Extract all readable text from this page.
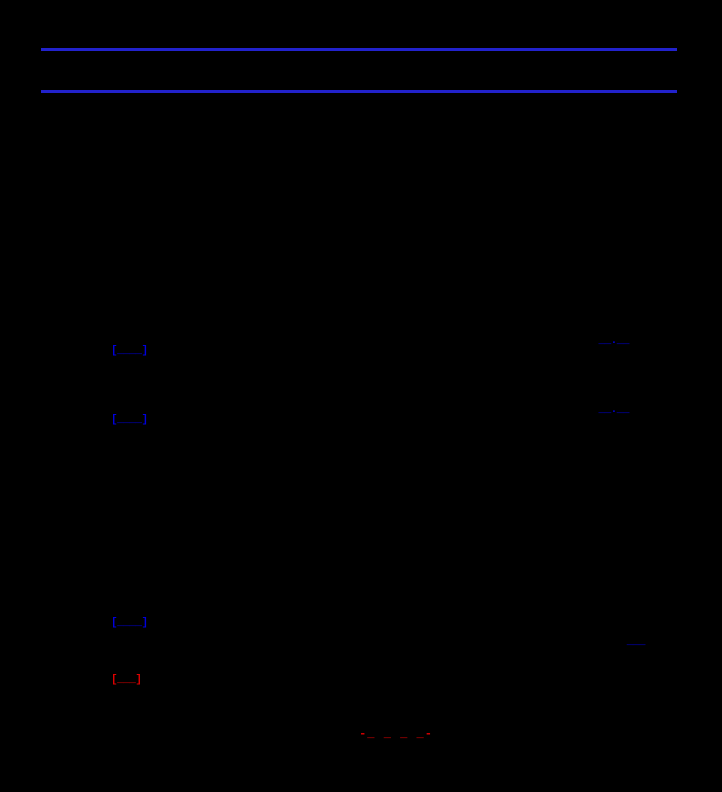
[____]
__.__
[____]
__.__
[____]
___
[___]
-_ _ _ _-
